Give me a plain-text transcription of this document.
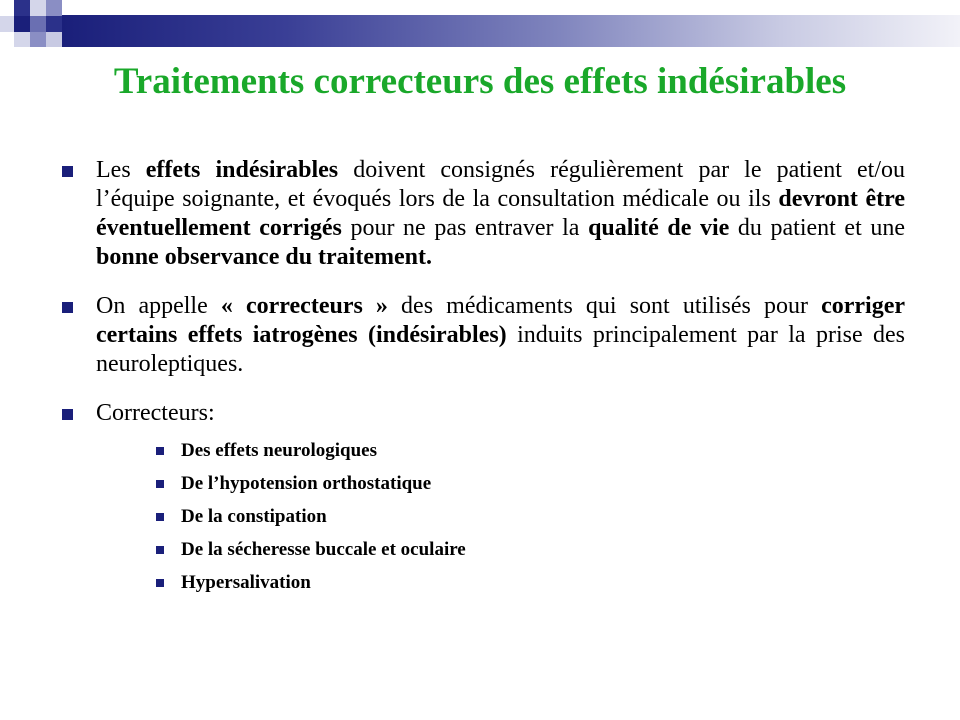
Traitements correcteurs des effets indésirables
Les effets indésirables doivent consignés régulièrement par le patient et/ou l’équipe soignante, et évoqués lors de la consultation médicale ou ils devront être éventuellement corrigés pour ne pas entraver la qualité de vie du patient et une bonne observance du traitement.
On appelle « correcteurs » des médicaments qui sont utilisés pour corriger certains effets iatrogènes (indésirables) induits principalement par la prise des neuroleptiques.
Correcteurs:
Des effets neurologiques
De l’hypotension orthostatique
De la constipation
De la sécheresse buccale et oculaire
Hypersalivation
